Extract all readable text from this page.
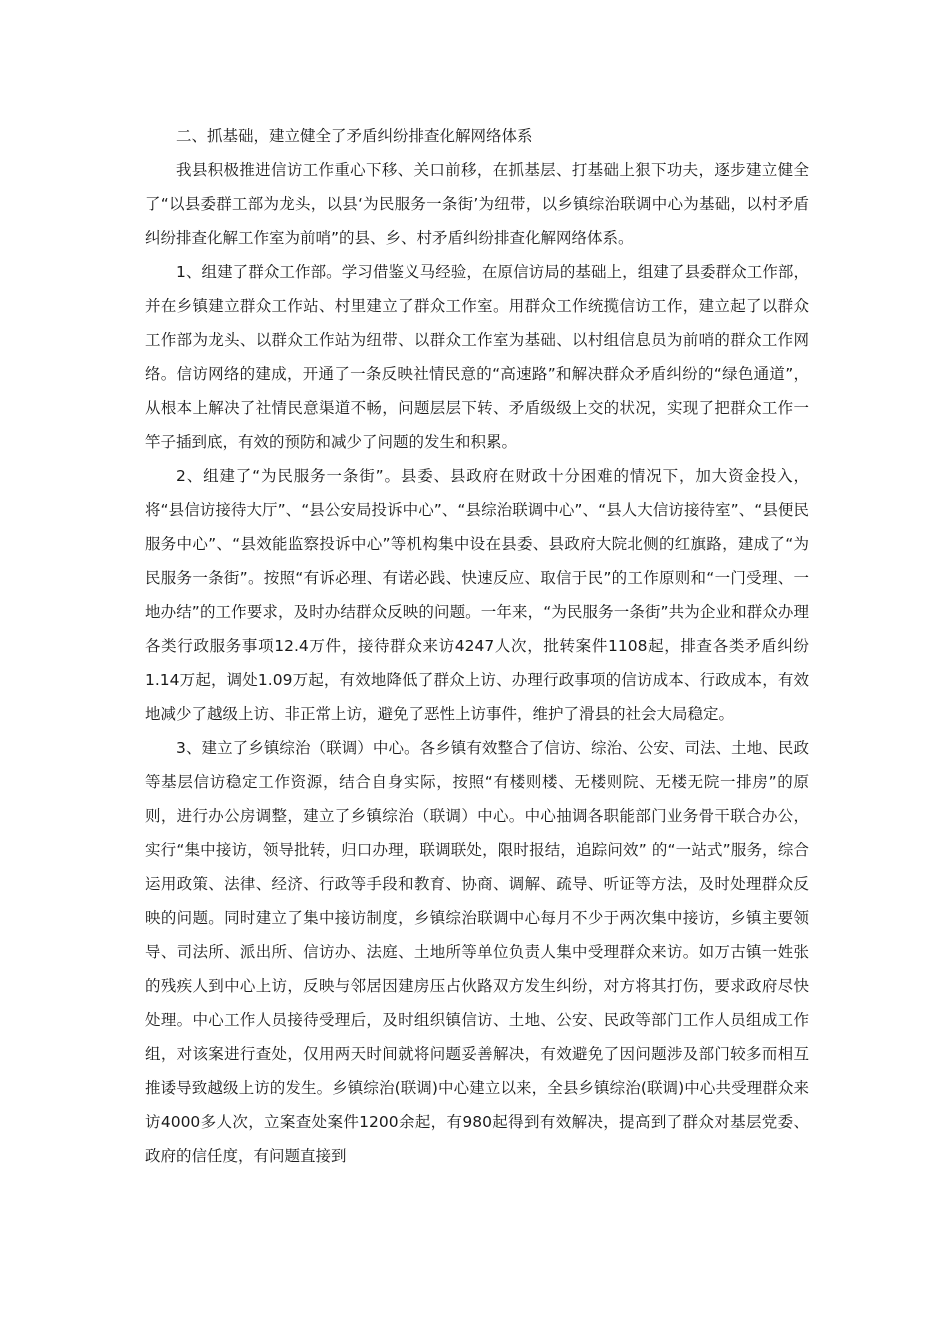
二、抓基础，建立健全了矛盾纠纷排查化解网络体系

我县积极推进信访工作重心下移、关口前移，在抓基层、打基础上狠下功夫，逐步建立健全了“以县委群工部为龙头，以县‘为民服务一条街’为纽带，以乡镇综治联调中心为基础，以村矛盾纠纷排查化解工作室为前哨”的县、乡、村矛盾纠纷排查化解网络体系。

1、组建了群众工作部。学习借鉴义马经验，在原信访局的基础上，组建了县委群众工作部，并在乡镇建立群众工作站、村里建立了群众工作室。用群众工作统揽信访工作，建立起了以群众工作部为龙头、以群众工作站为纽带、以群众工作室为基础、以村组信息员为前哨的群众工作网络。信访网络的建成，开通了一条反映社情民意的“高速路”和解决群众矛盾纠纷的“绿色通道”，从根本上解决了社情民意渠道不畅，问题层层下转、矛盾级级上交的状况，实现了把群众工作一竿子插到底，有效的预防和减少了问题的发生和积累。

2、组建了“为民服务一条街”。县委、县政府在财政十分困难的情况下，加大资金投入，将“县信访接待大厅”、“县公安局投诉中心”、“县综治联调中心”、“县人大信访接待室”、“县便民服务中心”、“县效能监察投诉中心”等机构集中设在县委、县政府大院北侧的红旗路，建成了“为民服务一条街”。按照“有诉必理、有诺必践、快速反应、取信于民”的工作原则和“一门受理、一地办结”的工作要求，及时办结群众反映的问题。一年来，“为民服务一条街”共为企业和群众办理各类行政服务事项12.4万件，接待群众来访4247人次，批转案件1108起，排查各类矛盾纠纷1.14万起，调处1.09万起，有效地降低了群众上访、办理行政事项的信访成本、行政成本，有效地减少了越级上访、非正常上访，避免了恶性上访事件，维护了滑县的社会大局稳定。

3、建立了乡镇综治（联调）中心。各乡镇有效整合了信访、综治、公安、司法、土地、民政等基层信访稳定工作资源，结合自身实际，按照“有楼则楼、无楼则院、无楼无院一排房”的原则，进行办公房调整，建立了乡镇综治（联调）中心。中心抽调各职能部门业务骨干联合办公，实行“集中接访，领导批转，归口办理，联调联处，限时报结，追踪问效” 的“一站式”服务，综合运用政策、法律、经济、行政等手段和教育、协商、调解、疏导、听证等方法，及时处理群众反映的问题。同时建立了集中接访制度，乡镇综治联调中心每月不少于两次集中接访，乡镇主要领导、司法所、派出所、信访办、法庭、土地所等单位负责人集中受理群众来访。如万古镇一姓张的残疾人到中心上访，反映与邻居因建房压占伙路双方发生纠纷，对方将其打伤，要求政府尽快处理。中心工作人员接待受理后，及时组织镇信访、土地、公安、民政等部门工作人员组成工作组，对该案进行查处，仅用两天时间就将问题妥善解决，有效避免了因问题涉及部门较多而相互推诿导致越级上访的发生。乡镇综治(联调)中心建立以来，全县乡镇综治(联调)中心共受理群众来访4000多人次，立案查处案件1200余起，有980起得到有效解决，提高到了群众对基层党委、政府的信任度，有问题直接到
